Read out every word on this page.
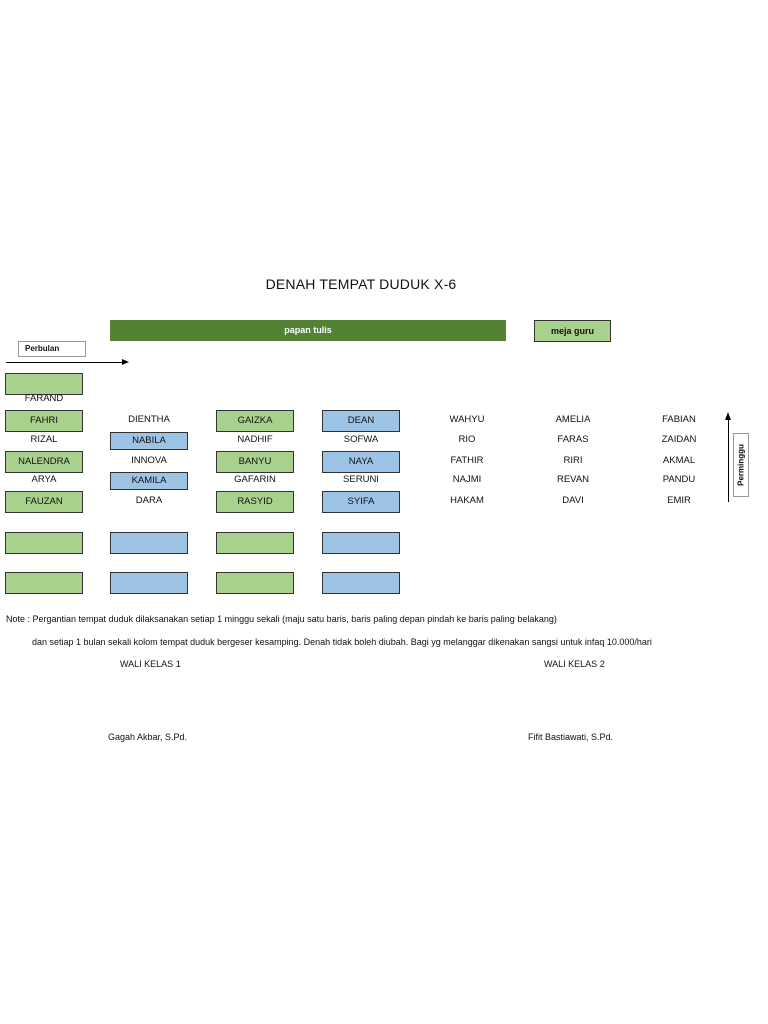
DENAH TEMPAT DUDUK X-6
papan tulis	meja guru
Perbulan
Perminggu
FARAND
FAHRI
RIZAL
NALENDRA
ARYA
FAUZAN
DIENTHA
NABILA
INNOVA
KAMILA
DARA
GAIZKA
NADHIF
BANYU
GAFARIN
RASYID
DEAN
SOFWA
NAYA
SERUNI
SYIFA
WAHYU
RIO
FATHIR
NAJMI
HAKAM
AMELIA
FARAS
RIRI
REVAN
DAVI
FABIAN
ZAIDAN
AKMAL
PANDU
EMIR
Note : Pergantian tempat duduk dilaksanakan setiap 1 minggu sekali (maju satu baris, baris paling depan pindah ke baris paling belakang)
dan setiap 1 bulan sekali kolom tempat duduk bergeser kesamping. Denah tidak boleh diubah. Bagi yg melanggar dikenakan sangsi untuk infaq 10.000/hari
WALI KELAS 1	WALI KELAS 2
Gagah Akbar, S.Pd.	Fifit Bastiawati, S.Pd.
